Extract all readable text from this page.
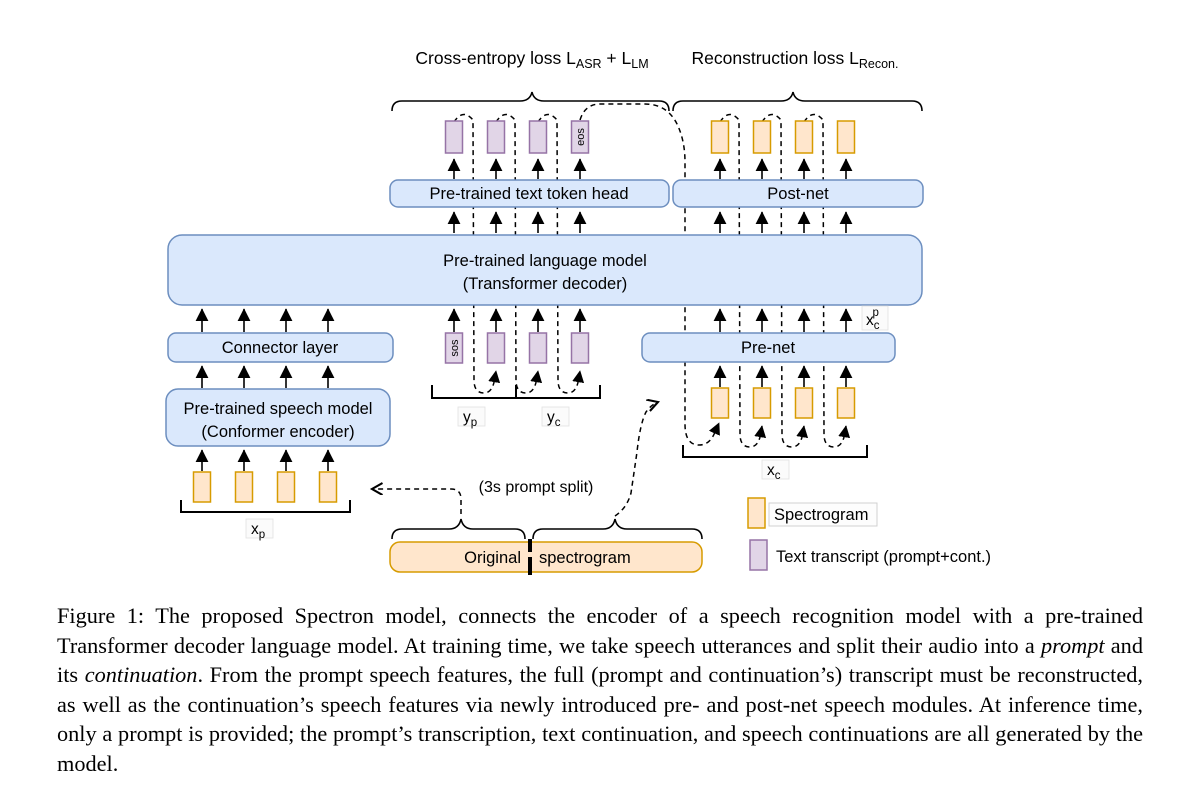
Pre-trained text token head	Post-net
Pre-trained language model
(Transformer decoder)
Connector layer	Pre-net
Pre-trained speech model
(Conformer encoder)
eos
sos
Cross-entropy loss $L_{ASR} + L_{LM}$ Reconstruction loss $L_{Recon.}$
$x_cp$
$x_p$
$y_p$	$y_c$
$x_c$
(3s prompt split)
Original spectrogram
Spectrogram
Text transcript (prompt+cont.)
Figure 1: The proposed Spectron model, connects the encoder of a speech recognition model with a pre-trained Transformer decoder language model. At training time, we take speech utterances and split their audio into a prompt and its continuation. From the prompt speech features, the full (prompt and continuation’s) transcript must be reconstructed, as well as the continuation’s speech features via newly introduced pre- and post-net speech modules. At inference time, only a prompt is provided; the prompt’s transcription, text continuation, and speech continuations are all generated by the model.
